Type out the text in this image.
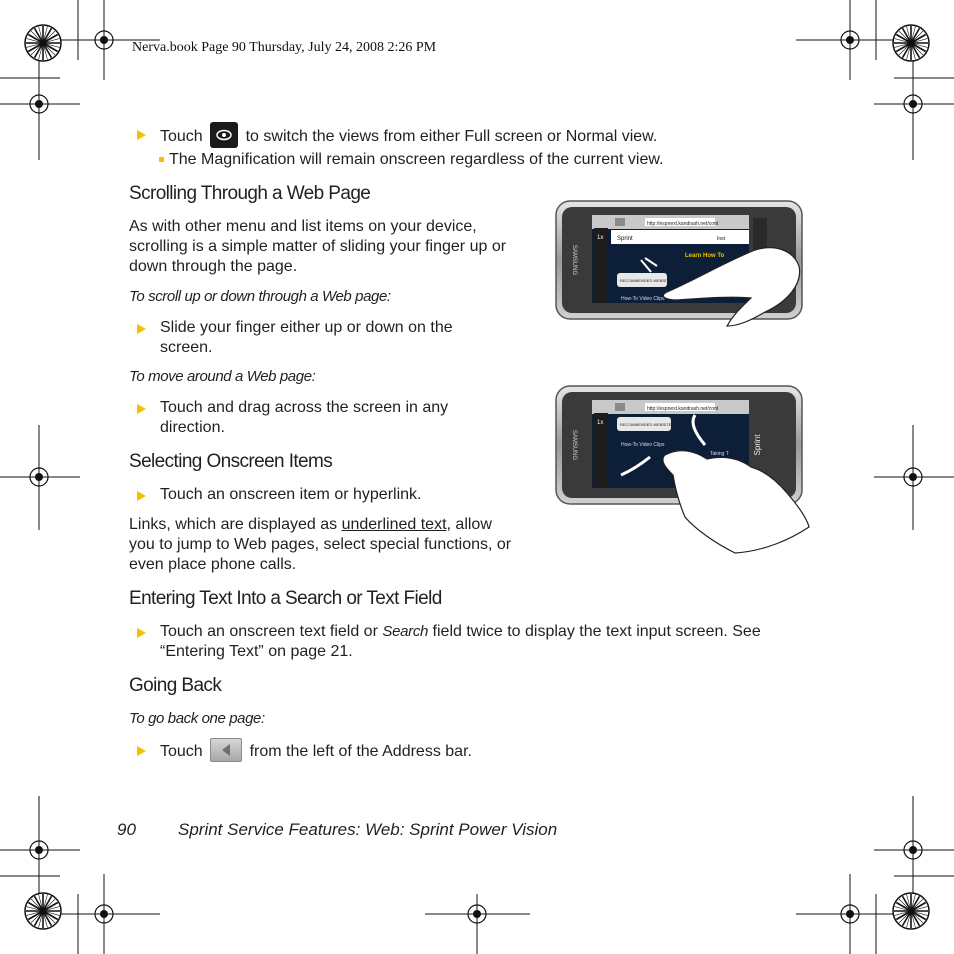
Nerva.book Page 90 Thursday, July 24, 2008 2:26 PM
Touch	to switch the views from either Full screen or Normal view.
The Magnification will remain onscreen regardless of the current view.
Scrolling Through a Web Page
As with other menu and list items on your device, scrolling is a simple matter of sliding your finger up or down through the page.
To scroll up or down through a Web page:
Slide your finger either up or down on the screen.
To move around a Web page:
Touch and drag across the screen in any direction.
Selecting Onscreen Items
Touch an onscreen item or hyperlink.
Links, which are displayed as underlined text, allow you to jump to Web pages, select special functions, or even place phone calls.
Entering Text Into a Search or Text Field
Touch an onscreen text field or Search field twice to display the text input screen. See “Entering Text” on page 21.
Going Back
To go back one page:
Touch	from the left of the Address bar.
SAMSUNG
http://espnext.kandrash.net/cont
1x Sprint	Inst
Learn How To
RECOMMENDED WEBSITES
How-To Video Clips
SAMSUNG
http://espnext.kandrash.net/cont
1x	RECOMMENDED WEBSITES
How-To Video Clips
Taking T	Sprint
90 Sprint Service Features: Web: Sprint Power Vision
